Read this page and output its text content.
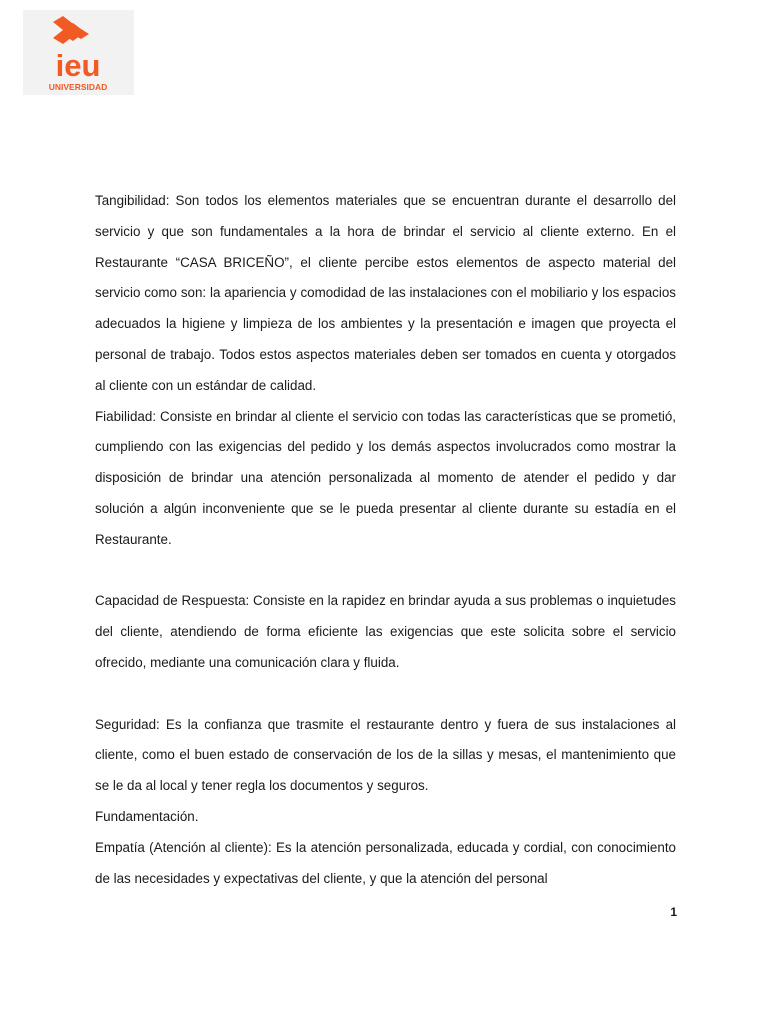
ieu
UNIVERSIDAD

Tangibilidad: Son todos los elementos materiales que se encuentran durante el desarrollo del servicio y que son fundamentales a la hora de brindar el servicio al cliente externo. En el Restaurante “CASA BRICEÑO”, el cliente percibe estos elementos de aspecto material del servicio como son: la apariencia y comodidad de las instalaciones con el mobiliario y los espacios adecuados la higiene y limpieza de los ambientes y la presentación e imagen que proyecta el personal de trabajo. Todos estos aspectos materiales deben ser tomados en cuenta y otorgados al cliente con un estándar de calidad.

Fiabilidad: Consiste en brindar al cliente el servicio con todas las características que se prometió, cumpliendo con las exigencias del pedido y los demás aspectos involucrados como mostrar la disposición de brindar una atención personalizada al momento de atender el pedido y dar solución a algún inconveniente que se le pueda presentar al cliente durante su estadía en el Restaurante.

Capacidad de Respuesta: Consiste en la rapidez en brindar ayuda a sus problemas o inquietudes del cliente, atendiendo de forma eficiente las exigencias que este solicita sobre el servicio ofrecido, mediante una comunicación clara y fluida.

Seguridad: Es la confianza que trasmite el restaurante dentro y fuera de sus instalaciones al cliente, como el buen estado de conservación de los de la sillas y mesas, el mantenimiento que se le da al local y tener regla los documentos y seguros.

Fundamentación.

Empatía (Atención al cliente): Es la atención personalizada, educada y cordial, con conocimiento de las necesidades y expectativas del cliente, y que la atención del personal

1
